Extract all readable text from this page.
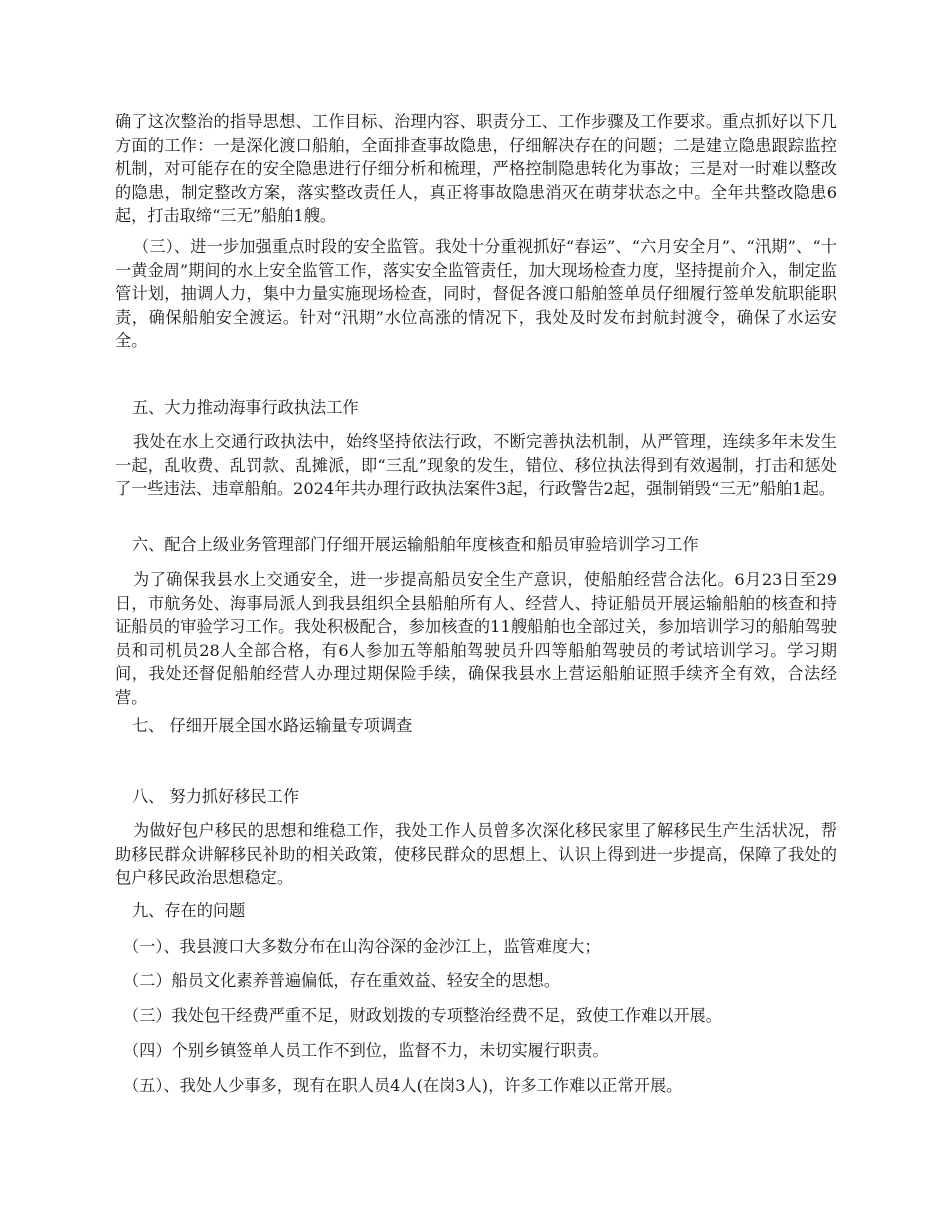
确了这次整治的指导思想、工作目标、治理内容、职责分工、工作步骤及工作要求。重点抓好以下几方面的工作：一是深化渡口船舶，全面排查事故隐患，仔细解决存在的问题；二是建立隐患跟踪监控机制，对可能存在的安全隐患进行仔细分析和梳理，严格控制隐患转化为事故；三是对一时难以整改的隐患，制定整改方案，落实整改责任人，真正将事故隐患消灭在萌芽状态之中。全年共整改隐患6起，打击取缔“三无”船舶1艘。

（三）、进一步加强重点时段的安全监管。我处十分重视抓好“春运”、“六月安全月”、“汛期”、“十一黄金周”期间的水上安全监管工作，落实安全监管责任，加大现场检查力度，坚持提前介入，制定监管计划，抽调人力，集中力量实施现场检查，同时，督促各渡口船舶签单员仔细履行签单发航职能职责，确保船舶安全渡运。针对“汛期”水位高涨的情况下，我处及时发布封航封渡令，确保了水运安全。

五、大力推动海事行政执法工作

我处在水上交通行政执法中，始终坚持依法行政，不断完善执法机制，从严管理，连续多年未发生一起，乱收费、乱罚款、乱摊派，即“三乱”现象的发生，错位、移位执法得到有效遏制，打击和惩处了一些违法、违章船舶。2024年共办理行政执法案件3起，行政警告2起，强制销毁“三无”船舶1起。

六、配合上级业务管理部门仔细开展运输船舶年度核查和船员审验培训学习工作

为了确保我县水上交通安全，进一步提高船员安全生产意识，使船舶经营合法化。6月23日至29日，市航务处、海事局派人到我县组织全县船舶所有人、经营人、持证船员开展运输船舶的核查和持证船员的审验学习工作。我处积极配合，参加核查的11艘船舶也全部过关，参加培训学习的船舶驾驶员和司机员28人全部合格，有6人参加五等船舶驾驶员升四等船舶驾驶员的考试培训学习。学习期间，我处还督促船舶经营人办理过期保险手续，确保我县水上营运船舶证照手续齐全有效，合法经营。

七、 仔细开展全国水路运输量专项调查

八、 努力抓好移民工作

为做好包户移民的思想和维稳工作，我处工作人员曾多次深化移民家里了解移民生产生活状况，帮助移民群众讲解移民补助的相关政策，使移民群众的思想上、认识上得到进一步提高，保障了我处的包户移民政治思想稳定。

九、存在的问题

（一）、我县渡口大多数分布在山沟谷深的金沙江上，监管难度大；

（二）船员文化素养普遍偏低，存在重效益、轻安全的思想。

（三）我处包干经费严重不足，财政划拨的专项整治经费不足，致使工作难以开展。

（四）个别乡镇签单人员工作不到位，监督不力，未切实履行职责。

（五）、我处人少事多，现有在职人员4人(在岗3人)，许多工作难以正常开展。
